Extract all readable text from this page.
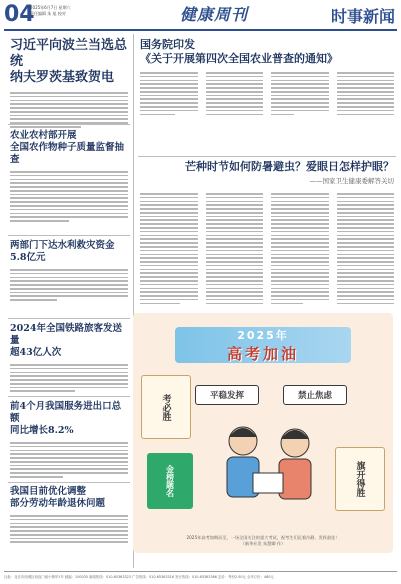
04
2025年6月7日 星期六
责任编辑 朱 旭 校对	健康周刊	时事新闻
习近平向波兰当选总统
纳夫罗茨基致贺电
农业农村部开展
全国农作物种子质量监督抽查
两部门下达水利救灾资金5.8亿元
2024年全国铁路旅客发送量
超43亿人次
前4个月我国服务进出口总额
同比增长8.2%
我国目前优化调整
部分劳动年龄退休问题
国务院印发
《关于开展第四次全国农业普查的通知》
芒种时节如何防暑避虫？爱眼日怎样护眼？
——国家卫生健康委解答关切
2025年
高考加油
考必胜	平稳发挥	禁止焦虑
金榜题名	旗开得胜
2025年高考如期而至，一场全国关注的重大考试，祝考生们沉着冷静，发挥最佳！
（新华社发 朱慧卿 作）
社址：北京市西城区西直门南小街甲1号 邮编：100035 新闻热线：010-65363323 广告热线：010-65363316 发行热线：010-65363366 定价：每份2.50元 全年订价：480元
